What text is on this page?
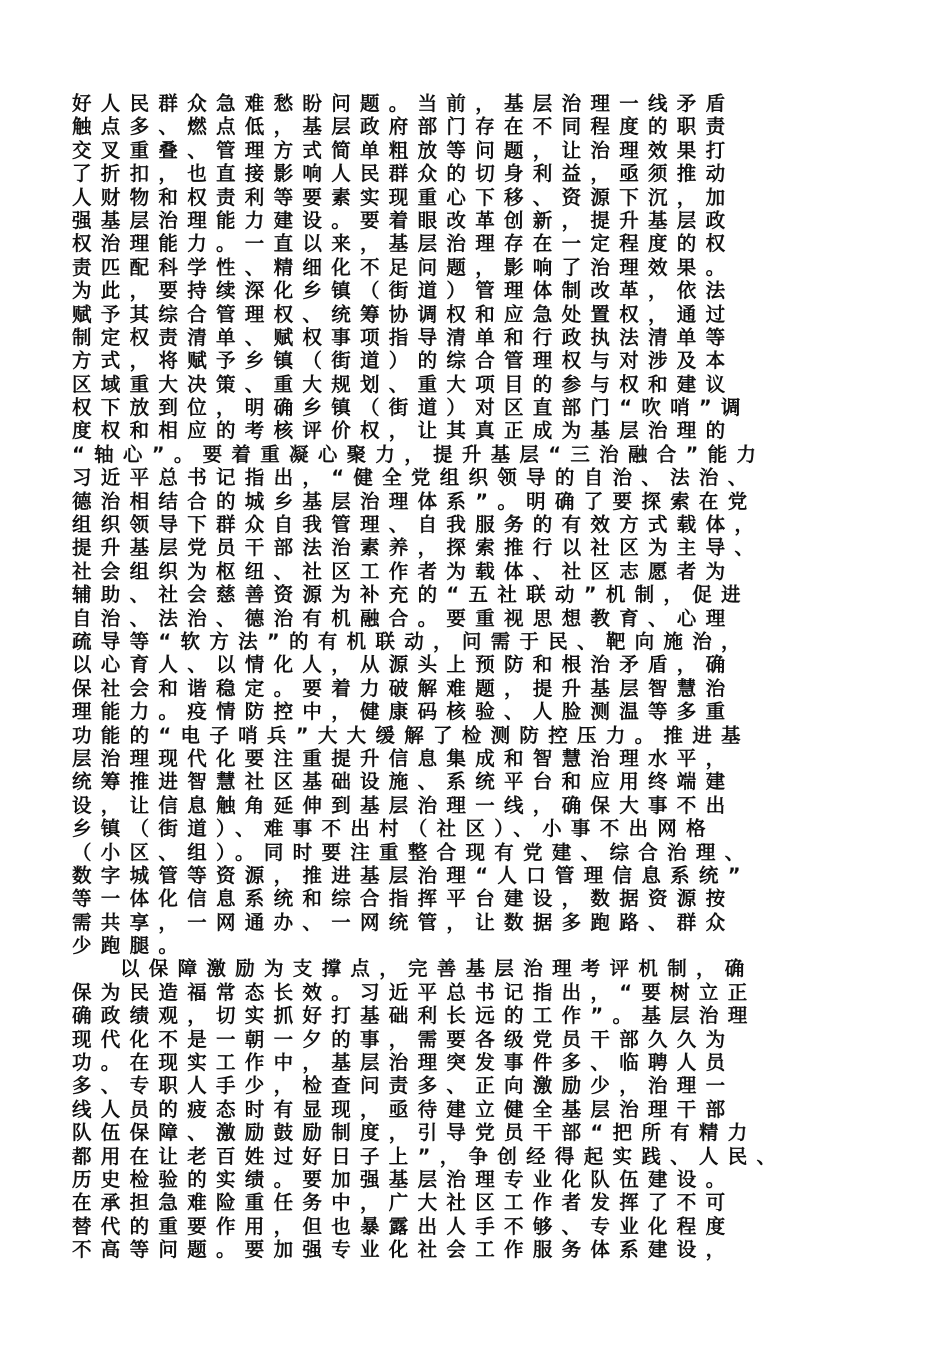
好人民群众急难愁盼问题。当前，基层治理一线矛盾
触点多、燃点低，基层政府部门存在不同程度的职责
交叉重叠、管理方式简单粗放等问题，让治理效果打
了折扣，也直接影响人民群众的切身利益，亟须推动
人财物和权责利等要素实现重心下移、资源下沉，加
强基层治理能力建设。要着眼改革创新，提升基层政
权治理能力。一直以来，基层治理存在一定程度的权
责匹配科学性、精细化不足问题，影响了治理效果。
为此，要持续深化乡镇（街道）管理体制改革，依法
赋予其综合管理权、统筹协调权和应急处置权，通过
制定权责清单、赋权事项指导清单和行政执法清单等
方式，将赋予乡镇（街道）的综合管理权与对涉及本
区域重大决策、重大规划、重大项目的参与权和建议
权下放到位，明确乡镇（街道）对区直部门“吹哨”调
度权和相应的考核评价权，让其真正成为基层治理的
“轴心”。要着重凝心聚力，提升基层“三治融合”能力
习近平总书记指出，“健全党组织领导的自治、法治、
德治相结合的城乡基层治理体系”。明确了要探索在党
组织领导下群众自我管理、自我服务的有效方式载体，
提升基层党员干部法治素养，探索推行以社区为主导、
社会组织为枢纽、社区工作者为载体、社区志愿者为
辅助、社会慈善资源为补充的“五社联动”机制，促进
自治、法治、德治有机融合。要重视思想教育、心理
疏导等“软方法”的有机联动，问需于民、靶向施治，
以心育人、以情化人，从源头上预防和根治矛盾，确
保社会和谐稳定。要着力破解难题，提升基层智慧治
理能力。疫情防控中，健康码核验、人脸测温等多重
功能的“电子哨兵”大大缓解了检测防控压力。推进基
层治理现代化要注重提升信息集成和智慧治理水平，
统筹推进智慧社区基础设施、系统平台和应用终端建
设，让信息触角延伸到基层治理一线，确保大事不出
乡镇（街道）、难事不出村（社区）、小事不出网格
（小区、组）。同时要注重整合现有党建、综合治理、
数字城管等资源，推进基层治理“人口管理信息系统”
等一体化信息系统和综合指挥平台建设，数据资源按
需共享，一网通办、一网统管，让数据多跑路、群众
少跑腿。
以保障激励为支撑点，完善基层治理考评机制，确
保为民造福常态长效。习近平总书记指出，“要树立正
确政绩观，切实抓好打基础利长远的工作”。基层治理
现代化不是一朝一夕的事，需要各级党员干部久久为
功。在现实工作中，基层治理突发事件多、临聘人员
多、专职人手少，检查问责多、正向激励少，治理一
线人员的疲态时有显现，亟待建立健全基层治理干部
队伍保障、激励鼓励制度，引导党员干部“把所有精力
都用在让老百姓过好日子上”，争创经得起实践、人民、
历史检验的实绩。要加强基层治理专业化队伍建设。
在承担急难险重任务中，广大社区工作者发挥了不可
替代的重要作用，但也暴露出人手不够、专业化程度
不高等问题。要加强专业化社会工作服务体系建设，
